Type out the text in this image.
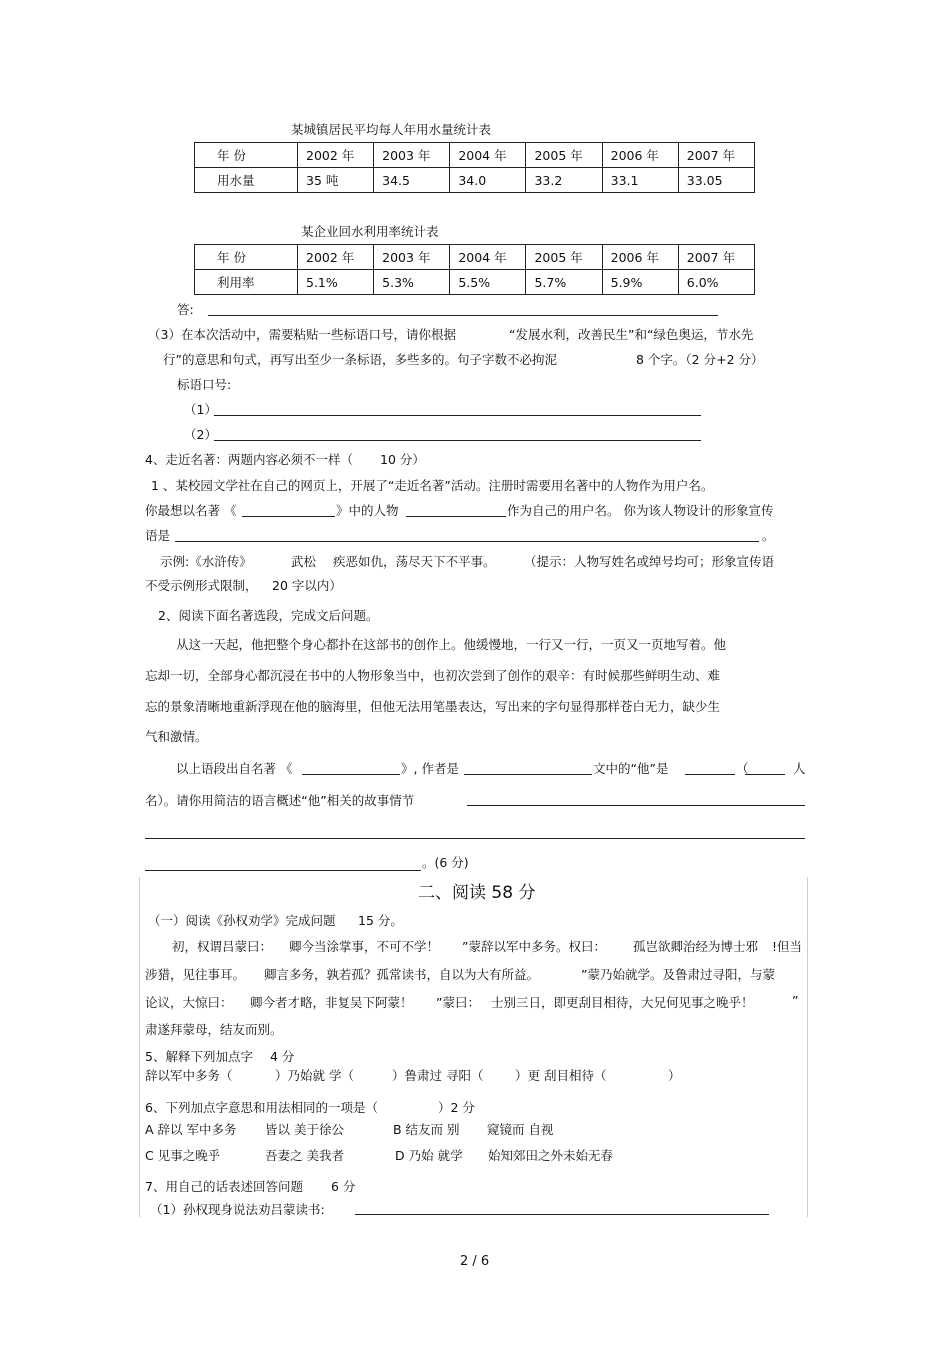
某城镇居民平均每人年用水量统计表
年 份	2002 年	2003 年	2004 年	2005 年	2006 年	2007 年
用水量	35 吨	34.5	34.0	33.2	33.1	33.05
某企业回水利用率统计表
年 份	2002 年	2003 年	2004 年	2005 年	2006 年	2007 年
利用率	5.1%	5.3%	5.5%	5.7%	5.9%	6.0%
答:
（3）在本次活动中，需要粘贴一些标语口号，请你根据	“发展水利，改善民生”和“绿色奥运，节水先
行”的意思和句式，再写出至少一条标语，多些多的。句子字数不必拘泥	8 个字。（2 分+2 分）
标语口号:
（1）
（2）
4、走近名著：两题内容必须不一样（ 10 分）
1 、某校园文学社在自己的网页上，开展了“走近名著”活动。注册时需要用名著中的人物作为用户名。
你最想以名著 《	》中的人物	作为自己的用户名。 你为该人物设计的形象宣传
语是	。
示例:《水浒传》	武松 疾恶如仇，荡尽天下不平事。 （提示：人物写姓名或绰号均可；形象宣传语
不受示例形式限制， 20 字以内）
2、阅读下面名著选段，完成文后问题。
从这一天起，他把整个身心都扑在这部书的创作上。他缓慢地，一行又一行，一页又一页地写着。他
忘却一切，全部身心都沉浸在书中的人物形象当中，也初次尝到了创作的艰辛：有时候那些鲜明生动、难
忘的景象清晰地重新浮现在他的脑海里，但他无法用笔墨表达，写出来的字句显得那样苍白无力，缺少生
气和激情。
以上语段出自名著 《	》, 作者是	文中的“他”是	（	人
名）。请你用简洁的语言概述“他”相关的故事情节
。(6 分)
二、阅读 58 分
（一）阅读《孙权劝学》完成问题 15 分。
初，权谓吕蒙曰： 卿今当涂掌事，不可不学！ ”蒙辞以军中多务。权曰： 孤岂欲卿治经为博士邪 !但当
涉猎，见往事耳。 卿言多务，孰若孤？孤常读书，自以为大有所益。	”蒙乃始就学。及鲁肃过寻阳，与蒙
论议，大惊曰： 卿今者才略，非复吴下阿蒙！ ”蒙曰： 士别三日，即更刮目相待，大兄何见事之晚乎！	”
肃遂拜蒙母，结友而别。
5、解释下列加点字 4 分
辞以军中多务（	）乃始就 学（	）鲁肃过 寻阳（	）更 刮目相待（	）
6、下列加点字意思和用法相同的一项是（	）2 分
A 辞以 军中多务 皆以 美于徐公	B 结友而 别 窥镜而 自视
C 见事之晚乎	吾妻之 美我者	D 乃始 就学 始知郊田之外未始无春
7、用自己的话表述回答问题 6 分
（1）孙权现身说法劝吕蒙读书:
2 / 6
